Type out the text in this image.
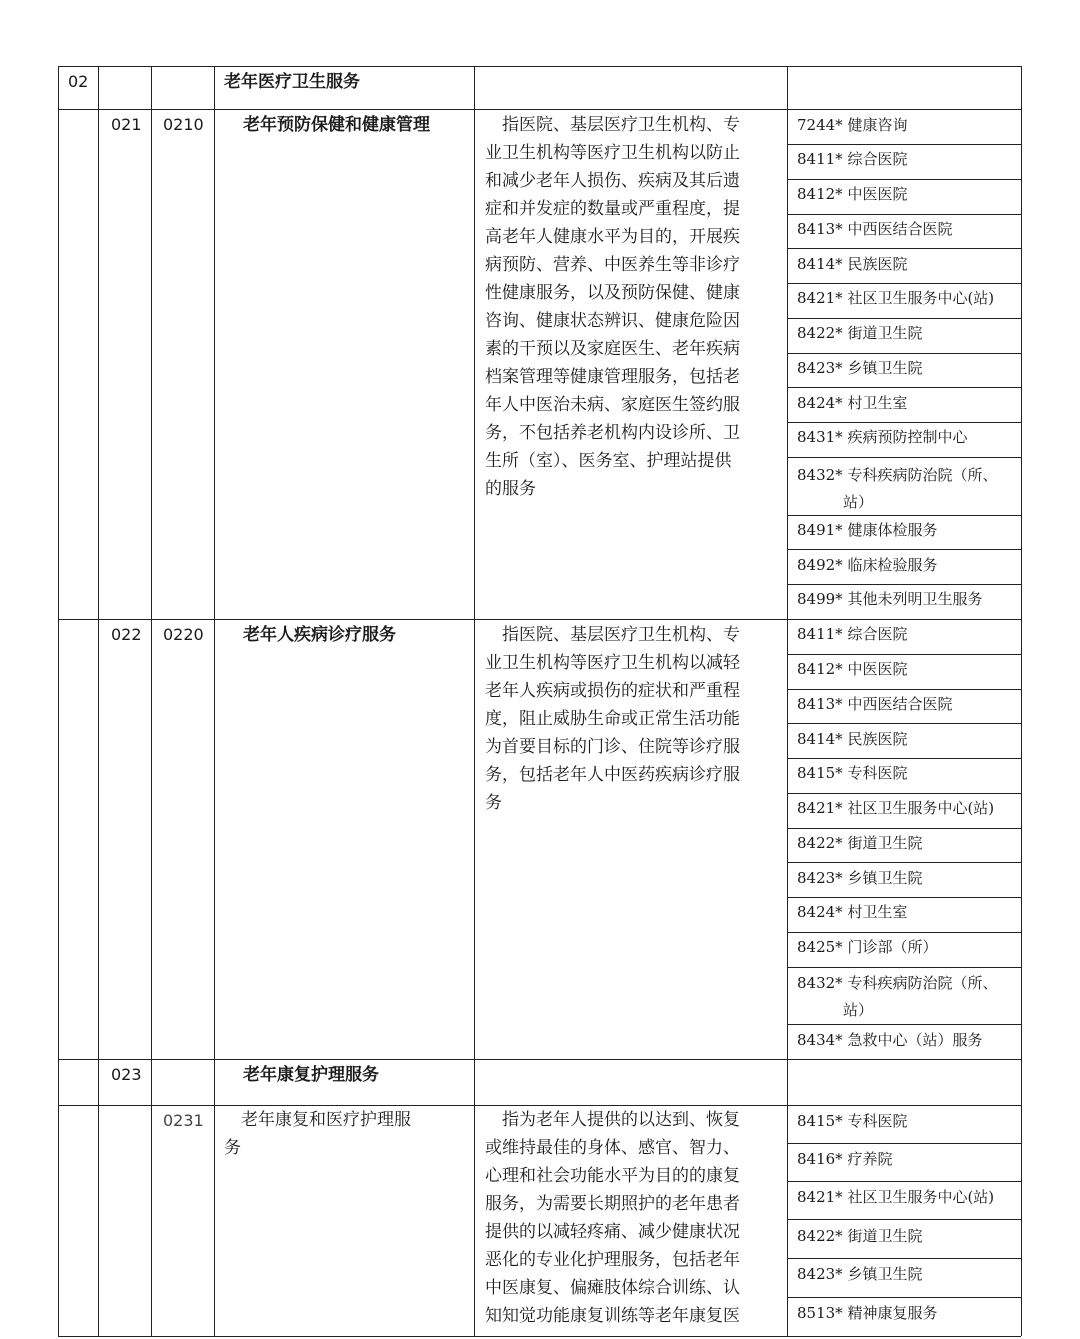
02	老年医疗卫生服务
021 0210 老年预防保健和健康管理	　指医院、基层医疗卫生机构、专
业卫生机构等医疗卫生机构以防止
和减少老年人损伤、疾病及其后遗
症和并发症的数量或严重程度，提
高老年人健康水平为目的，开展疾
病预防、营养、中医养生等非诊疗
性健康服务，以及预防保健、健康
咨询、健康状态辨识、健康危险因
素的干预以及家庭医生、老年疾病
档案管理等健康管理服务，包括老
年人中医治未病、家庭医生签约服
务，不包括养老机构内设诊所、卫
生所（室）、医务室、护理站提供
的服务
7244* 健康咨询
8411* 综合医院
8412* 中医医院
8413* 中西医结合医院
8414* 民族医院
8421* 社区卫生服务中心(站)
8422* 街道卫生院
8423* 乡镇卫生院
8424* 村卫生室
8431* 疾病预防控制中心
8432* 专科疾病防治院（所、
站）
8491* 健康体检服务
8492* 临床检验服务
8499* 其他未列明卫生服务
022 0220 老年人疾病诊疗服务	　指医院、基层医疗卫生机构、专
业卫生机构等医疗卫生机构以减轻
老年人疾病或损伤的症状和严重程
度，阻止威胁生命或正常生活功能
为首要目标的门诊、住院等诊疗服
务，包括老年人中医药疾病诊疗服
务
8411* 综合医院
8412* 中医医院
8413* 中西医结合医院
8414* 民族医院
8415* 专科医院
8421* 社区卫生服务中心(站)
8422* 街道卫生院
8423* 乡镇卫生院
8424* 村卫生室
8425* 门诊部（所）
8432* 专科疾病防治院（所、
站）
8434* 急救中心（站）服务
023	老年康复护理服务
0231	　老年康复和医疗护理服
务
　指为老年人提供的以达到、恢复
或维持最佳的身体、感官、智力、
心理和社会功能水平为目的的康复
服务，为需要长期照护的老年患者
提供的以减轻疼痛、减少健康状况
恶化的专业化护理服务，包括老年
中医康复、偏瘫肢体综合训练、认
知知觉功能康复训练等老年康复医
8415* 专科医院
8416* 疗养院
8421* 社区卫生服务中心(站)
8422* 街道卫生院
8423* 乡镇卫生院
8513* 精神康复服务
